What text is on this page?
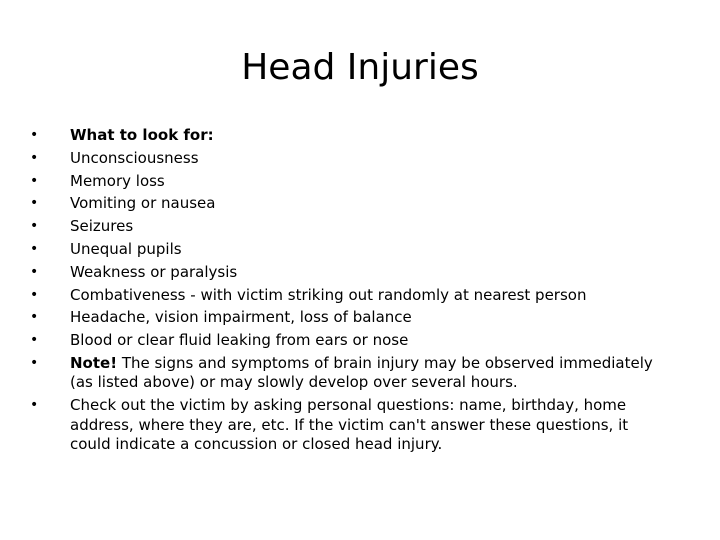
Head Injuries
• What to look for:
• Unconsciousness
• Memory loss
• Vomiting or nausea
• Seizures
• Unequal pupils
• Weakness or paralysis
• Combativeness - with victim striking out randomly at nearest person
• Headache, vision impairment, loss of balance
• Blood or clear fluid leaking from ears or nose
• Note! The signs and symptoms of brain injury may be observed immediately (as listed above) or may slowly develop over several hours.
• Check out the victim by asking personal questions: name, birthday, home address, where they are, etc. If the victim can't answer these questions, it could indicate a concussion or closed head injury.
